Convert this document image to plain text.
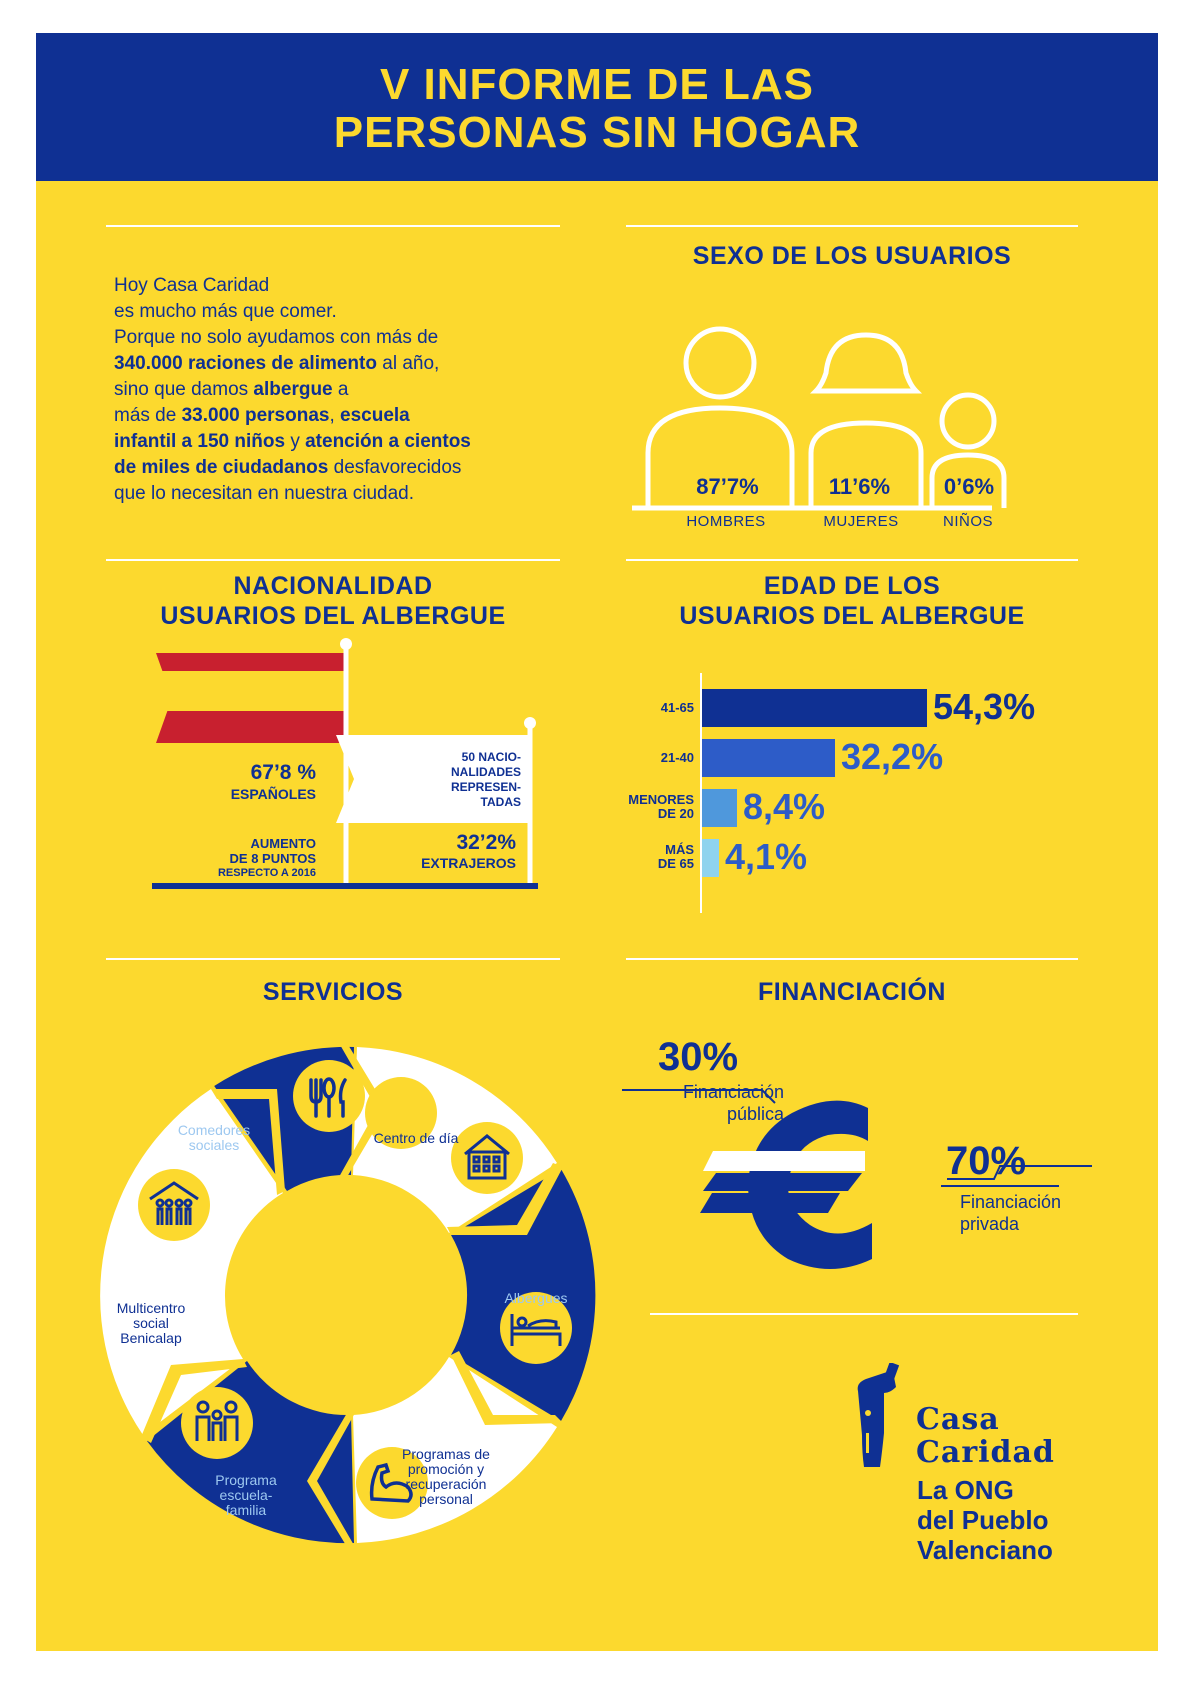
V INFORME DE LAS
PERSONAS SIN HOGAR
Hoy Casa Caridad
es mucho más que comer.
Porque no solo ayudamos con más de
340.000 raciones de alimento al año,
sino que damos albergue a
más de 33.000 personas, escuela
infantil a 150 niños y atención a cientos
de miles de ciudadanos desfavorecidos
que lo necesitan en nuestra ciudad.
SEXO DE LOS USUARIOS
87’7%	11’6%	0’6%
HOMBRES	MUJERES	NIÑOS
NACIONALIDAD
USUARIOS DEL ALBERGUE
67’8 %
ESPAÑOLES
AUMENTO
DE 8 PUNTOS
RESPECTO A 2016
50 NACIO-
NALIDADES
REPRESEN-
TADAS
32’2%
EXTRAJEROS
EDAD DE LOS
USUARIOS DEL ALBERGUE
41-65	54,3%
21-40	32,2%
MENORES
DE 20 8,4%
MÁS
DE 65 4,1%
SERVICIOS
Comedores
sociales	Centro de día
Albergues
Programas de
promoción y
recuperación
personal
Programa
escuela-
familia
Multicentro
social
Benicalap
FINANCIACIÓN
30%
Financiación
pública
70%
Financiación
privada
Casa
Caridad
La ONG
del Pueblo
Valenciano
